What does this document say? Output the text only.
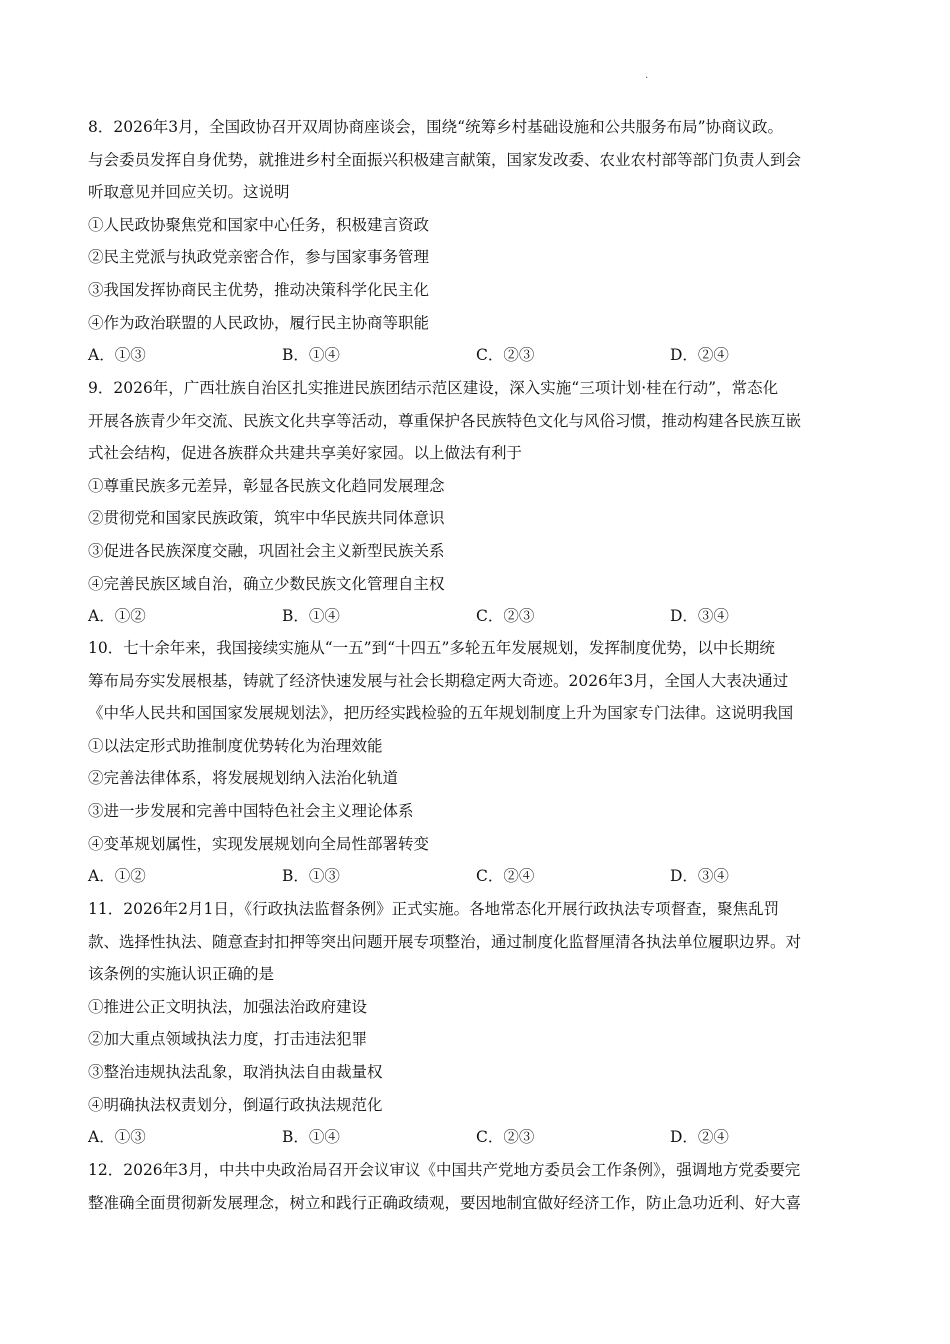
.
8．2026年3月，全国政协召开双周协商座谈会，围绕“统筹乡村基础设施和公共服务布局”协商议政。
与会委员发挥自身优势，就推进乡村全面振兴积极建言献策，国家发改委、农业农村部等部门负责人到会
听取意见并回应关切。这说明
①人民政协聚焦党和国家中心任务，积极建言资政
②民主党派与执政党亲密合作，参与国家事务管理
③我国发挥协商民主优势，推动决策科学化民主化
④作为政治联盟的人民政协，履行民主协商等职能
A．①③	B．①④	C．②③	D．②④
9．2026年，广西壮族自治区扎实推进民族团结示范区建设，深入实施“三项计划·桂在行动”，常态化
开展各族青少年交流、民族文化共享等活动，尊重保护各民族特色文化与风俗习惯，推动构建各民族互嵌
式社会结构，促进各族群众共建共享美好家园。以上做法有利于
①尊重民族多元差异，彰显各民族文化趋同发展理念
②贯彻党和国家民族政策，筑牢中华民族共同体意识
③促进各民族深度交融，巩固社会主义新型民族关系
④完善民族区域自治，确立少数民族文化管理自主权
A．①②	B．①④	C．②③	D．③④
10．七十余年来，我国接续实施从“一五”到“十四五”多轮五年发展规划，发挥制度优势，以中长期统
筹布局夯实发展根基，铸就了经济快速发展与社会长期稳定两大奇迹。2026年3月，全国人大表决通过
《中华人民共和国国家发展规划法》，把历经实践检验的五年规划制度上升为国家专门法律。这说明我国
①以法定形式助推制度优势转化为治理效能
②完善法律体系，将发展规划纳入法治化轨道
③进一步发展和完善中国特色社会主义理论体系
④变革规划属性，实现发展规划向全局性部署转变
A．①②	B．①③	C．②④	D．③④
11．2026年2月1日，《行政执法监督条例》正式实施。各地常态化开展行政执法专项督查，聚焦乱罚
款、选择性执法、随意查封扣押等突出问题开展专项整治，通过制度化监督厘清各执法单位履职边界。对
该条例的实施认识正确的是
①推进公正文明执法，加强法治政府建设
②加大重点领域执法力度，打击违法犯罪
③整治违规执法乱象，取消执法自由裁量权
④明确执法权责划分，倒逼行政执法规范化
A．①③	B．①④	C．②③	D．②④
12．2026年3月，中共中央政治局召开会议审议《中国共产党地方委员会工作条例》，强调地方党委要完
整准确全面贯彻新发展理念，树立和践行正确政绩观，要因地制宜做好经济工作，防止急功近利、好大喜
